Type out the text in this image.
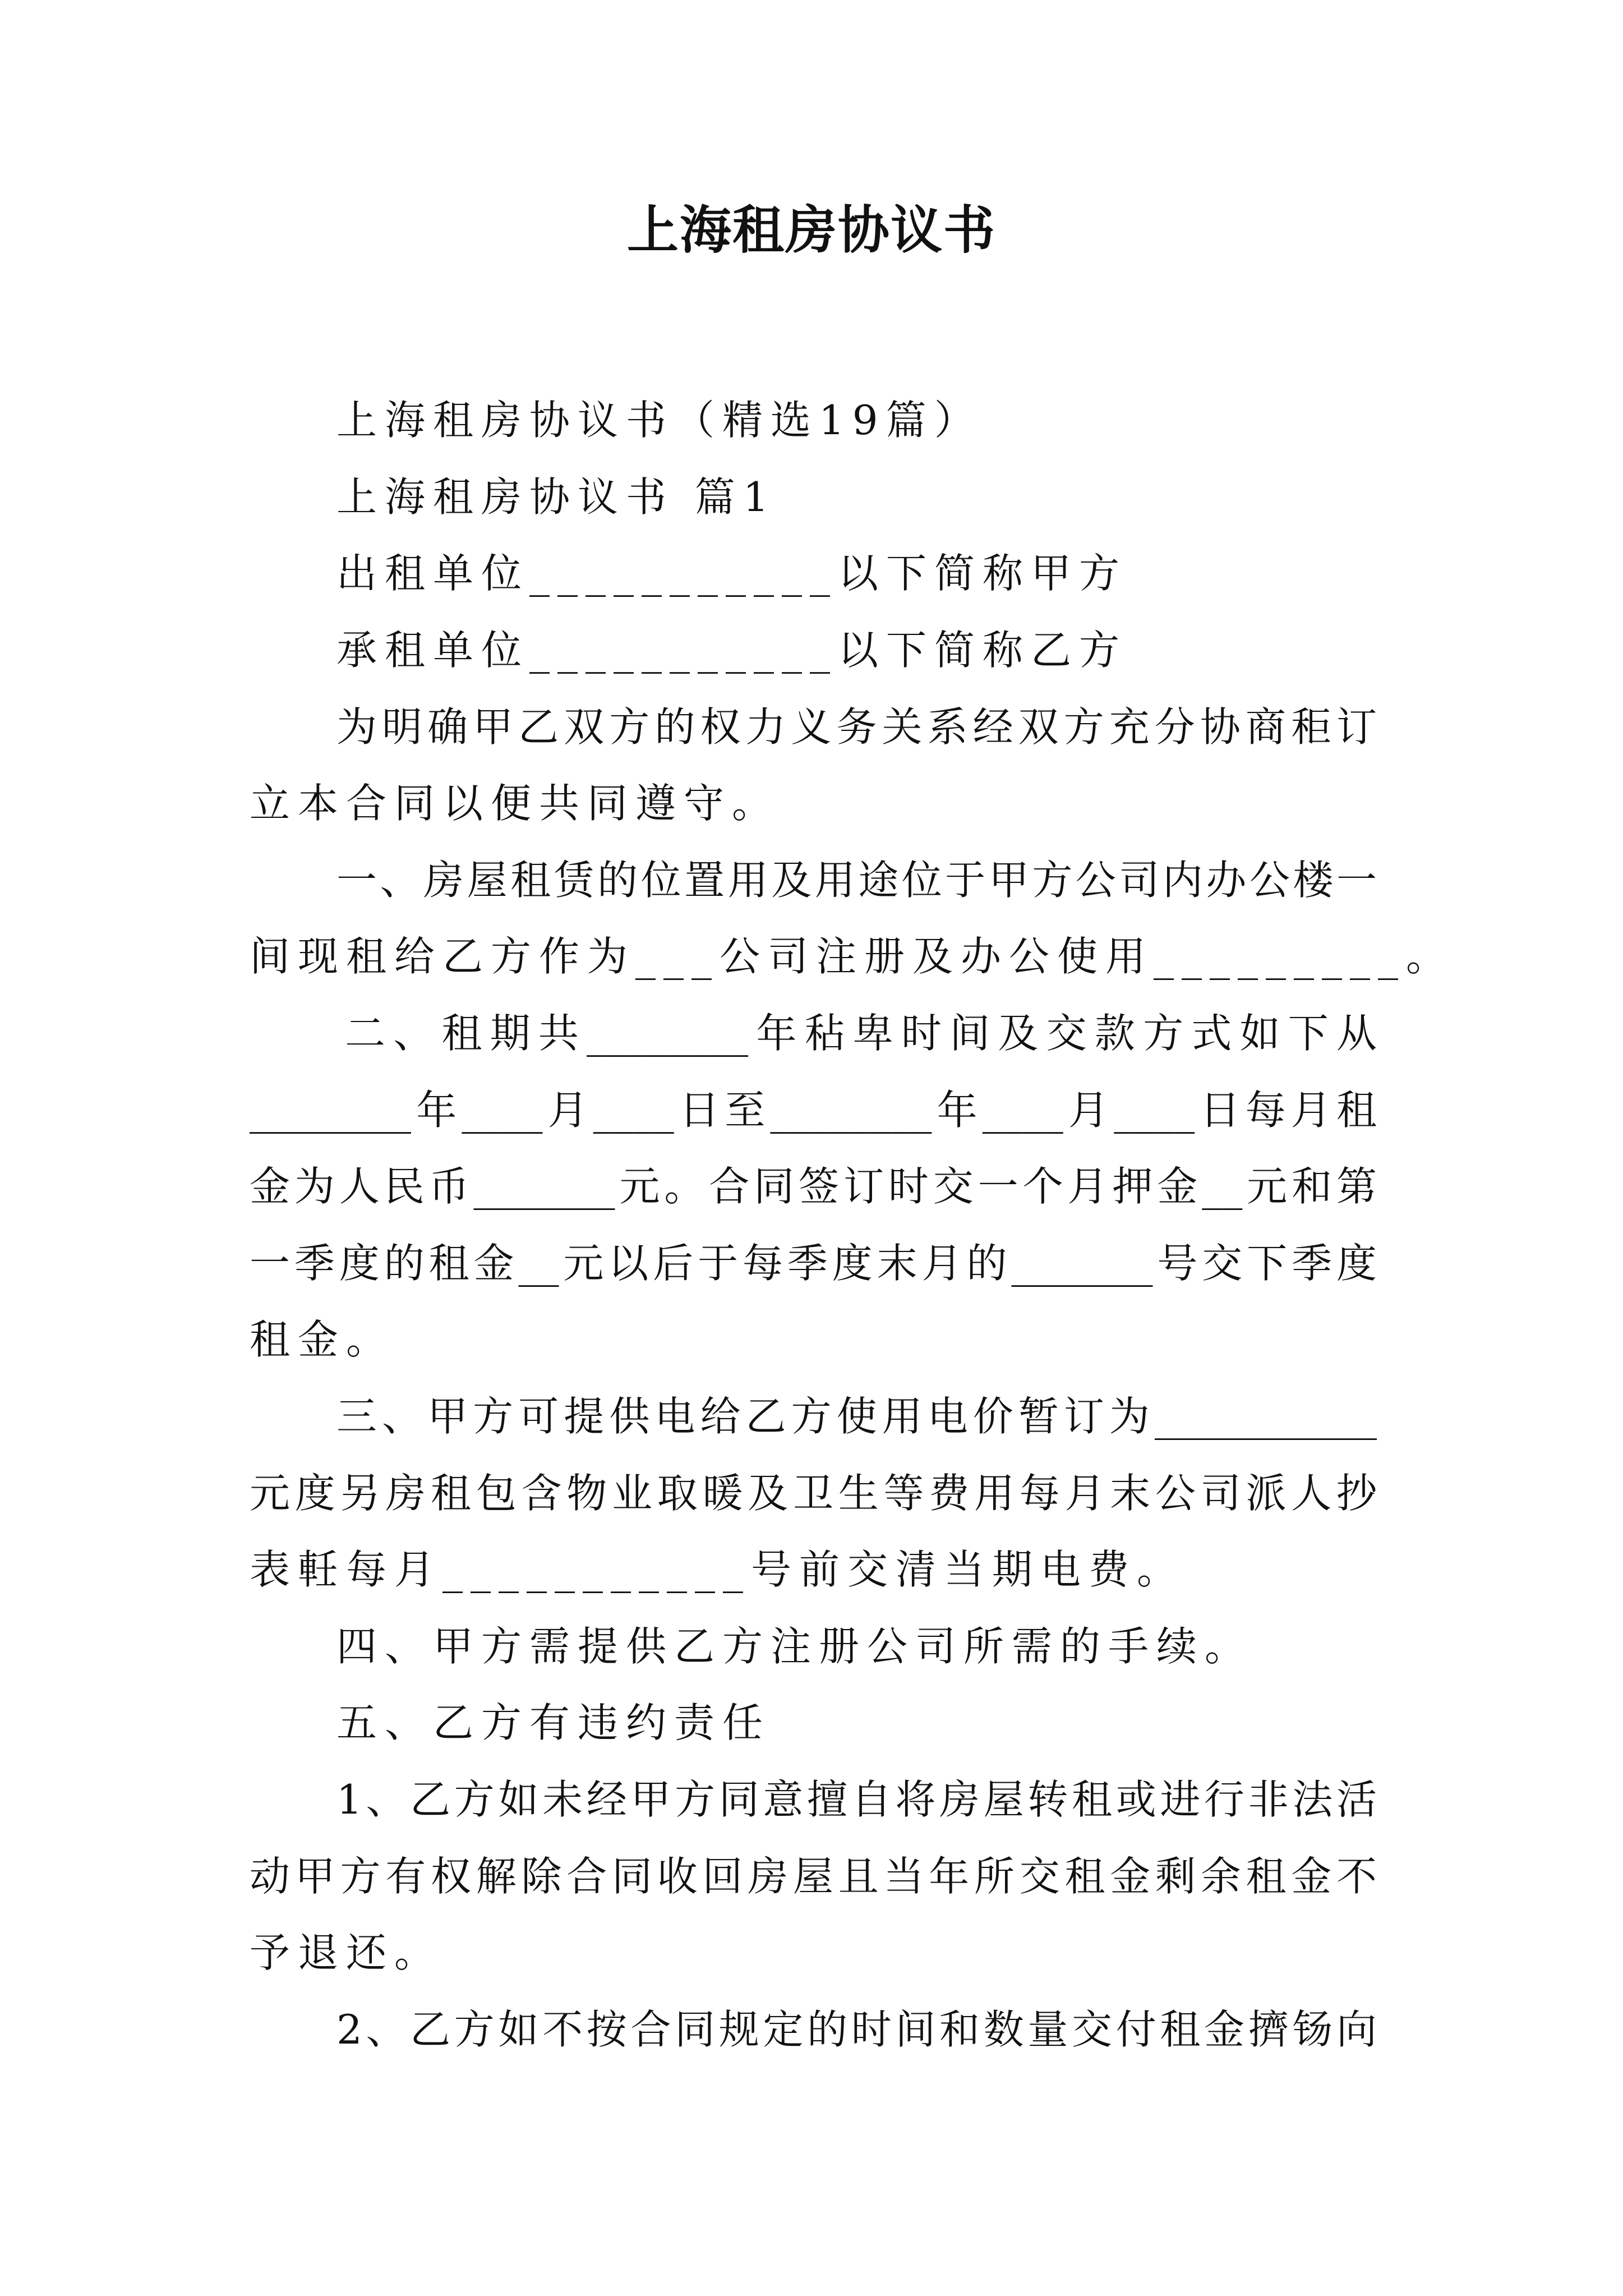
上海租房协议书
上海租房协议书（精选19篇）
上海租房协议书 篇1
出租单位___________以下简称甲方
承租单位___________以下简称乙方
为明确甲乙双方的权力义务关系经双方充分协商秬订
立本合同以便共同遵守。
一、房屋租赁的位置用及用途位于甲方公司内办公楼一
间现租给乙方作为___公司注册及办公使用_________。
二、租期共________年秥卑时间及交款方式如下从
________年____月____日至________年____月____日每月租
金为人民币_______元。合同签订时交一个月押金__元和第
一季度的租金__元以后于每季度末月的_______号交下季度
租金。
三、甲方可提供电给乙方使用电价暂订为___________
元度另房租包含物业取暖及卫生等费用每月末公司派人抄
表軠每月___________号前交清当期电费。
四、甲方需提供乙方注册公司所需的手续。
五、乙方有违约责任
1、乙方如未经甲方同意擅自将房屋转租或进行非法活
动甲方有权解除合同收回房屋且当年所交租金剩余租金不
予退还。
2、乙方如不按合同规定的时间和数量交付租金擠钖向
